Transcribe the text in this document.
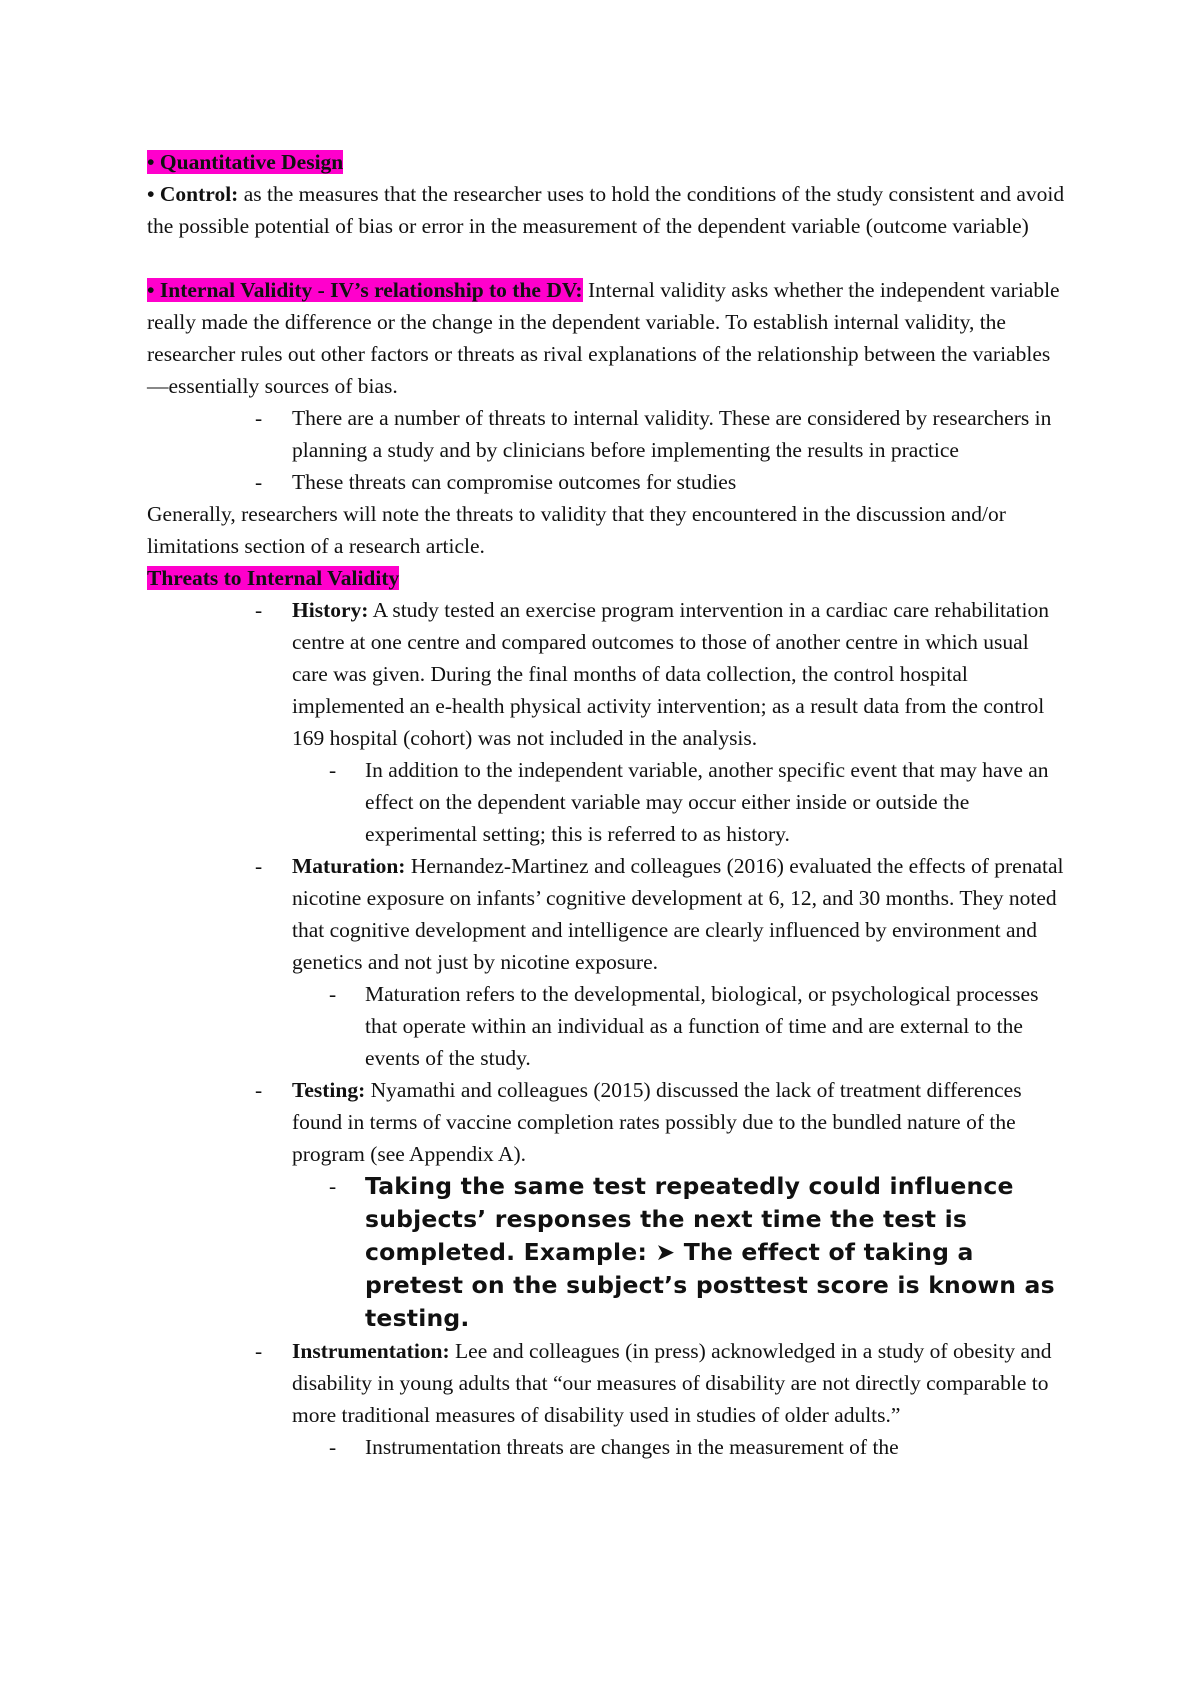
• Quantitative Design

• Control: as the measures that the researcher uses to hold the conditions of the study consistent and avoid the possible potential of bias or error in the measurement of the dependent variable (outcome variable)

• Internal Validity - IV’s relationship to the DV: Internal validity asks whether the independent variable really made the difference or the change in the dependent variable. To establish internal validity, the researcher rules out other factors or threats as rival explanations of the relationship between the variables—essentially sources of bias.

- There are a number of threats to internal validity. These are considered by researchers in planning a study and by clinicians before implementing the results in practice
- These threats can compromise outcomes for studies

Generally, researchers will note the threats to validity that they encountered in the discussion and/or limitations section of a research article.

Threats to Internal Validity

- History: A study tested an exercise program intervention in a cardiac care rehabilitation centre at one centre and compared outcomes to those of another centre in which usual care was given. During the final months of data collection, the control hospital implemented an e-health physical activity intervention; as a result data from the control 169 hospital (cohort) was not included in the analysis.
- In addition to the independent variable, another specific event that may have an effect on the dependent variable may occur either inside or outside the experimental setting; this is referred to as history.
- Maturation: Hernandez-Martinez and colleagues (2016) evaluated the effects of prenatal nicotine exposure on infants’ cognitive development at 6, 12, and 30 months. They noted that cognitive development and intelligence are clearly influenced by environment and genetics and not just by nicotine exposure.
- Maturation refers to the developmental, biological, or psychological processes that operate within an individual as a function of time and are external to the events of the study.
- Testing: Nyamathi and colleagues (2015) discussed the lack of treatment differences found in terms of vaccine completion rates possibly due to the bundled nature of the program (see Appendix A).
- Taking the same test repeatedly could influence subjects’ responses the next time the test is completed. Example: ➤ The effect of taking a pretest on the subject’s posttest score is known as testing.
- Instrumentation: Lee and colleagues (in press) acknowledged in a study of obesity and disability in young adults that “our measures of disability are not directly comparable to more traditional measures of disability used in studies of older adults.”
- Instrumentation threats are changes in the measurement of the
